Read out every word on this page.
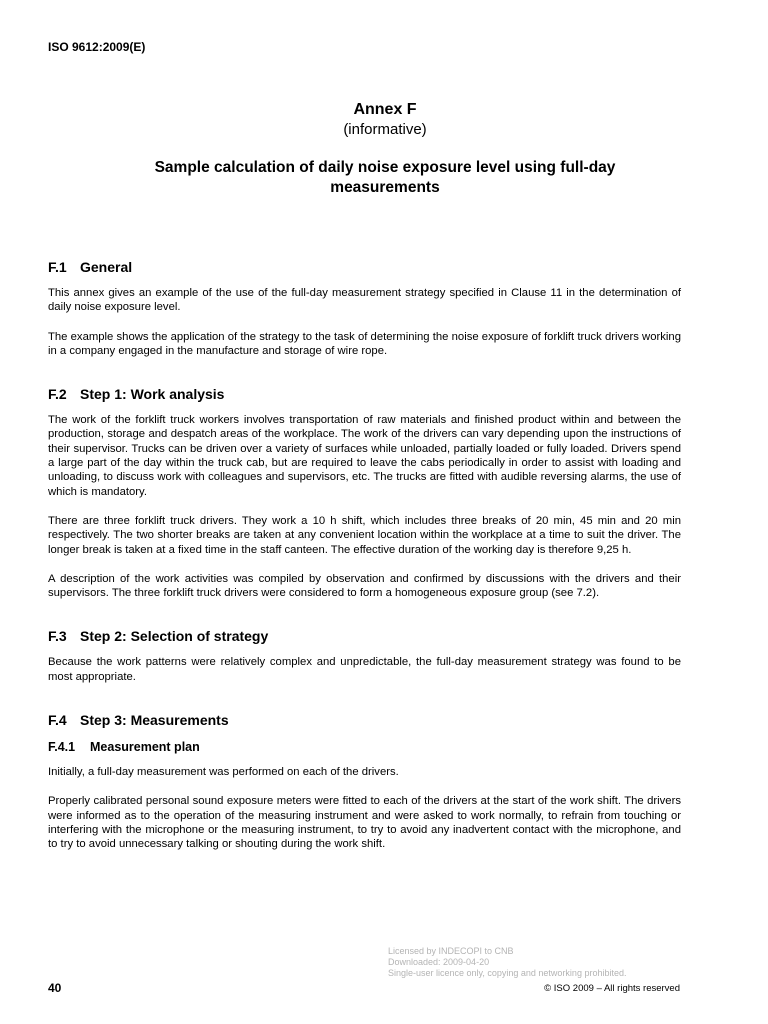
ISO 9612:2009(E)
Annex F
(informative)
Sample calculation of daily noise exposure level using full-day
measurements
F.1 General

This annex gives an example of the use of the full-day measurement strategy specified in Clause 11 in the determination of daily noise exposure level.

The example shows the application of the strategy to the task of determining the noise exposure of forklift truck drivers working in a company engaged in the manufacture and storage of wire rope.

F.2 Step 1: Work analysis

The work of the forklift truck workers involves transportation of raw materials and finished product within and between the production, storage and despatch areas of the workplace. The work of the drivers can vary depending upon the instructions of their supervisor. Trucks can be driven over a variety of surfaces while unloaded, partially loaded or fully loaded. Drivers spend a large part of the day within the truck cab, but are required to leave the cabs periodically in order to assist with loading and unloading, to discuss work with colleagues and supervisors, etc. The trucks are fitted with audible reversing alarms, the use of which is mandatory.

There are three forklift truck drivers. They work a 10 h shift, which includes three breaks of 20 min, 45 min and 20 min respectively. The two shorter breaks are taken at any convenient location within the workplace at a time to suit the driver. The longer break is taken at a fixed time in the staff canteen. The effective duration of the working day is therefore 9,25 h.

A description of the work activities was compiled by observation and confirmed by discussions with the drivers and their supervisors. The three forklift truck drivers were considered to form a homogeneous exposure group (see 7.2).

F.3 Step 2: Selection of strategy

Because the work patterns were relatively complex and unpredictable, the full-day measurement strategy was found to be most appropriate.

F.4 Step 3: Measurements
F.4.1 Measurement plan

Initially, a full-day measurement was performed on each of the drivers.

Properly calibrated personal sound exposure meters were fitted to each of the drivers at the start of the work shift. The drivers were informed as to the operation of the measuring instrument and were asked to work normally, to refrain from touching or interfering with the microphone or the measuring instrument, to try to avoid any inadvertent contact with the microphone, and to try to avoid unnecessary talking or shouting during the work shift.

Licensed by INDECOPI to CNB
Downloaded: 2009-04-20
Single-user licence only, copying and networking prohibited.
40	© ISO 2009 – All rights reserved
